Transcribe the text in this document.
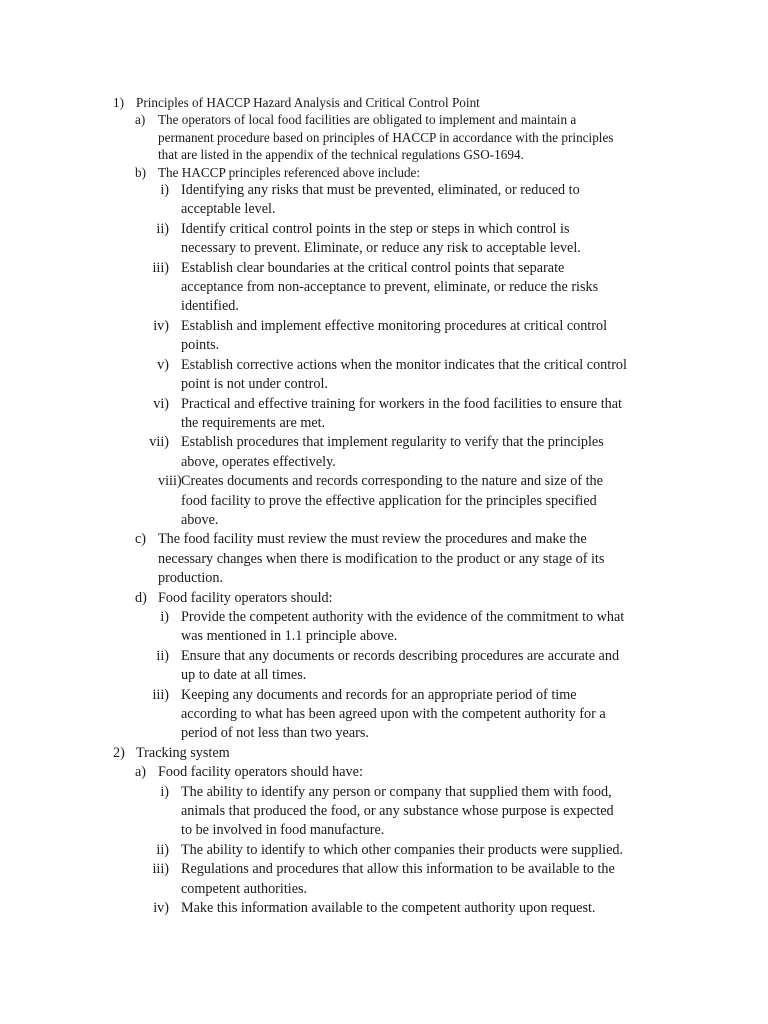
1) Principles of HACCP Hazard Analysis and Critical Control Point
a) The operators of local food facilities are obligated to implement and maintain a
permanent procedure based on principles of HACCP in accordance with the principles
that are listed in the appendix of the technical regulations GSO-1694.
b) The HACCP principles referenced above include:
i) Identifying any risks that must be prevented, eliminated, or reduced to
acceptable level.
ii) Identify critical control points in the step or steps in which control is
necessary to prevent. Eliminate, or reduce any risk to acceptable level.
iii) Establish clear boundaries at the critical control points that separate
acceptance from non-acceptance to prevent, eliminate, or reduce the risks
identified.
iv) Establish and implement effective monitoring procedures at critical control
points.
v) Establish corrective actions when the monitor indicates that the critical control
point is not under control.
vi) Practical and effective training for workers in the food facilities to ensure that
the requirements are met.
vii) Establish procedures that implement regularity to verify that the principles
above, operates effectively.
viii) Creates documents and records corresponding to the nature and size of the
food facility to prove the effective application for the principles specified
above.
c) The food facility must review the must review the procedures and make the
necessary changes when there is modification to the product or any stage of its
production.
d) Food facility operators should:
i) Provide the competent authority with the evidence of the commitment to what
was mentioned in 1.1 principle above.
ii) Ensure that any documents or records describing procedures are accurate and
up to date at all times.
iii) Keeping any documents and records for an appropriate period of time
according to what has been agreed upon with the competent authority for a
period of not less than two years.
2) Tracking system
a) Food facility operators should have:
i) The ability to identify any person or company that supplied them with food,
animals that produced the food, or any substance whose purpose is expected
to be involved in food manufacture.
ii) The ability to identify to which other companies their products were supplied.
iii) Regulations and procedures that allow this information to be available to the
competent authorities.
iv) Make this information available to the competent authority upon request.
